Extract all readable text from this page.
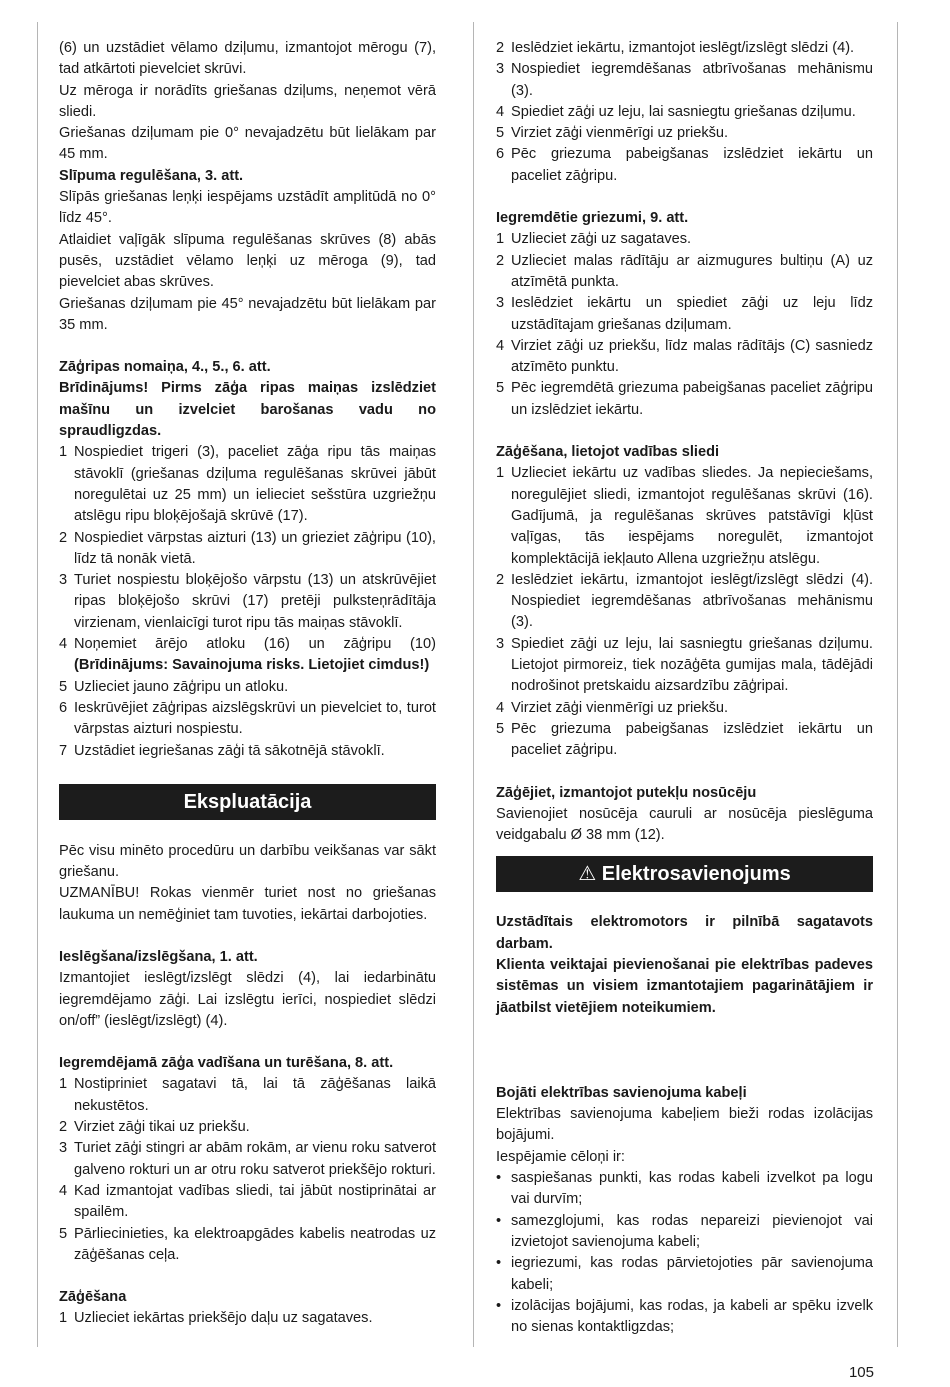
(6) un uzstādiet vēlamo dziļumu, izmantojot mērogu (7), tad atkārtoti pievelciet skrūvi.

Uz mēroga ir norādīts griešanas dziļums, neņemot vērā sliedi.

Griešanas dziļumam pie 0° nevajadzētu būt lielākam par 45 mm.

Slīpuma regulēšana, 3. att.

Slīpās griešanas leņķi iespējams uzstādīt amplitūdā no 0° līdz 45°.

Atlaidiet vaļīgāk slīpuma regulēšanas skrūves (8) abās pusēs, uzstādiet vēlamo leņķi uz mēroga (9), tad pievelciet abas skrūves.

Griešanas dziļumam pie 45° nevajadzētu būt lielākam par 35 mm.

Zāģripas nomaiņa, 4., 5., 6. att.

Brīdinājums! Pirms zāģa ripas maiņas izslēdziet mašīnu un izvelciet barošanas vadu no spraudligzdas.

1 Nospiediet trigeri (3), paceliet zāģa ripu tās maiņas stāvoklī (griešanas dziļuma regulēšanas skrūvei jābūt noregulētai uz 25 mm) un ielieciet sešstūra uzgriežņu atslēgu ripu bloķējošajā skrūvē (17).
2 Nospiediet vārpstas aizturi (13) un grieziet zāģripu (10), līdz tā nonāk vietā.
3 Turiet nospiestu bloķējošo vārpstu (13) un atskrūvējiet ripas bloķējošo skrūvi (17) pretēji pulksteņrādītāja virzienam, vienlaicīgi turot ripu tās maiņas stāvoklī.
4 Noņemiet ārējo atloku (16) un zāģripu (10) (Brīdinājums: Savainojuma risks. Lietojiet cimdus!)
5 Uzlieciet jauno zāģripu un atloku.
6 Ieskrūvējiet zāģripas aizslēgskrūvi un pievelciet to, turot vārpstas aizturi nospiestu.
7 Uzstādiet iegriešanas zāģi tā sākotnējā stāvoklī.
Ekspluatācija

Pēc visu minēto procedūru un darbību veikšanas var sākt griešanu.

UZMANĪBU! Rokas vienmēr turiet nost no griešanas laukuma un nemēģiniet tam tuvoties, iekārtai darbojoties.

Ieslēgšana/izslēgšana, 1. att.

Izmantojiet ieslēgt/izslēgt slēdzi (4), lai iedarbinātu iegremdējamo zāģi. Lai izslēgtu ierīci, nospiediet slēdzi on/off” (ieslēgt/izslēgt) (4).

Iegremdējamā zāģa vadīšana un turēšana, 8. att.

1 Nostipriniet sagatavi tā, lai tā zāģēšanas laikā nekustētos.
2 Virziet zāģi tikai uz priekšu.
3 Turiet zāģi stingri ar abām rokām, ar vienu roku satverot galveno rokturi un ar otru roku satverot priekšējo rokturi.
4 Kad izmantojat vadības sliedi, tai jābūt nostiprinātai ar spailēm.
5 Pārliecinieties, ka elektroapgādes kabelis neatrodas uz zāģēšanas ceļa.

Zāģēšana

1 Uzlieciet iekārtas priekšējo daļu uz sagataves.
2 Ieslēdziet iekārtu, izmantojot ieslēgt/izslēgt slēdzi (4).
3 Nospiediet iegremdēšanas atbrīvošanas mehānismu (3).
4 Spiediet zāģi uz leju, lai sasniegtu griešanas dziļumu.
5 Virziet zāģi vienmērīgi uz priekšu.
6 Pēc griezuma pabeigšanas izslēdziet iekārtu un paceliet zāģripu.

Iegremdētie griezumi, 9. att.

1 Uzlieciet zāģi uz sagataves.
2 Uzlieciet malas rādītāju ar aizmugures bultiņu (A) uz atzīmētā punkta.
3 Ieslēdziet iekārtu un spiediet zāģi uz leju līdz uzstādītajam griešanas dziļumam.
4 Virziet zāģi uz priekšu, līdz malas rādītājs (C) sasniedz atzīmēto punktu.
5 Pēc iegremdētā griezuma pabeigšanas paceliet zāģripu un izslēdziet iekārtu.

Zāģēšana, lietojot vadības sliedi

1 Uzlieciet iekārtu uz vadības sliedes. Ja nepieciešams, noregulējiet sliedi, izmantojot regulēšanas skrūvi (16). Gadījumā, ja regulēšanas skrūves patstāvīgi kļūst vaļīgas, tās iespējams noregulēt, izmantojot komplektācijā iekļauto Allena uzgriežņu atslēgu.
2 Ieslēdziet iekārtu, izmantojot ieslēgt/izslēgt slēdzi (4). Nospiediet iegremdēšanas atbrīvošanas mehānismu (3).
3 Spiediet zāģi uz leju, lai sasniegtu griešanas dziļumu. Lietojot pirmoreiz, tiek nozāģēta gumijas mala, tādējādi nodrošinot pretskaidu aizsardzību zāģripai.
4 Virziet zāģi vienmērīgi uz priekšu.
5 Pēc griezuma pabeigšanas izslēdziet iekārtu un paceliet zāģripu.

Zāģējiet, izmantojot putekļu nosūcēju

Savienojiet nosūcēja cauruli ar nosūcēja pieslēguma veidgabalu Ø 38 mm (12).

⚠ Elektrosavienojums

Uzstādītais elektromotors ir pilnībā sagatavots darbam.

Klienta veiktajai pievienošanai pie elektrības padeves sistēmas un visiem izmantotajiem pagarinātājiem ir jāatbilst vietējiem noteikumiem.

Bojāti elektrības savienojuma kabeļi

Elektrības savienojuma kabeļiem bieži rodas izolācijas bojājumi.

Iespējamie cēloņi ir:

• saspiešanas punkti, kas rodas kabeli izvelkot pa logu vai durvīm;
• samezglojumi, kas rodas nepareizi pievienojot vai izvietojot savienojuma kabeli;
• iegriezumi, kas rodas pārvietojoties pār savienojuma kabeli;
• izolācijas bojājumi, kas rodas, ja kabeli ar spēku izvelk no sienas kontaktligzdas;
105
